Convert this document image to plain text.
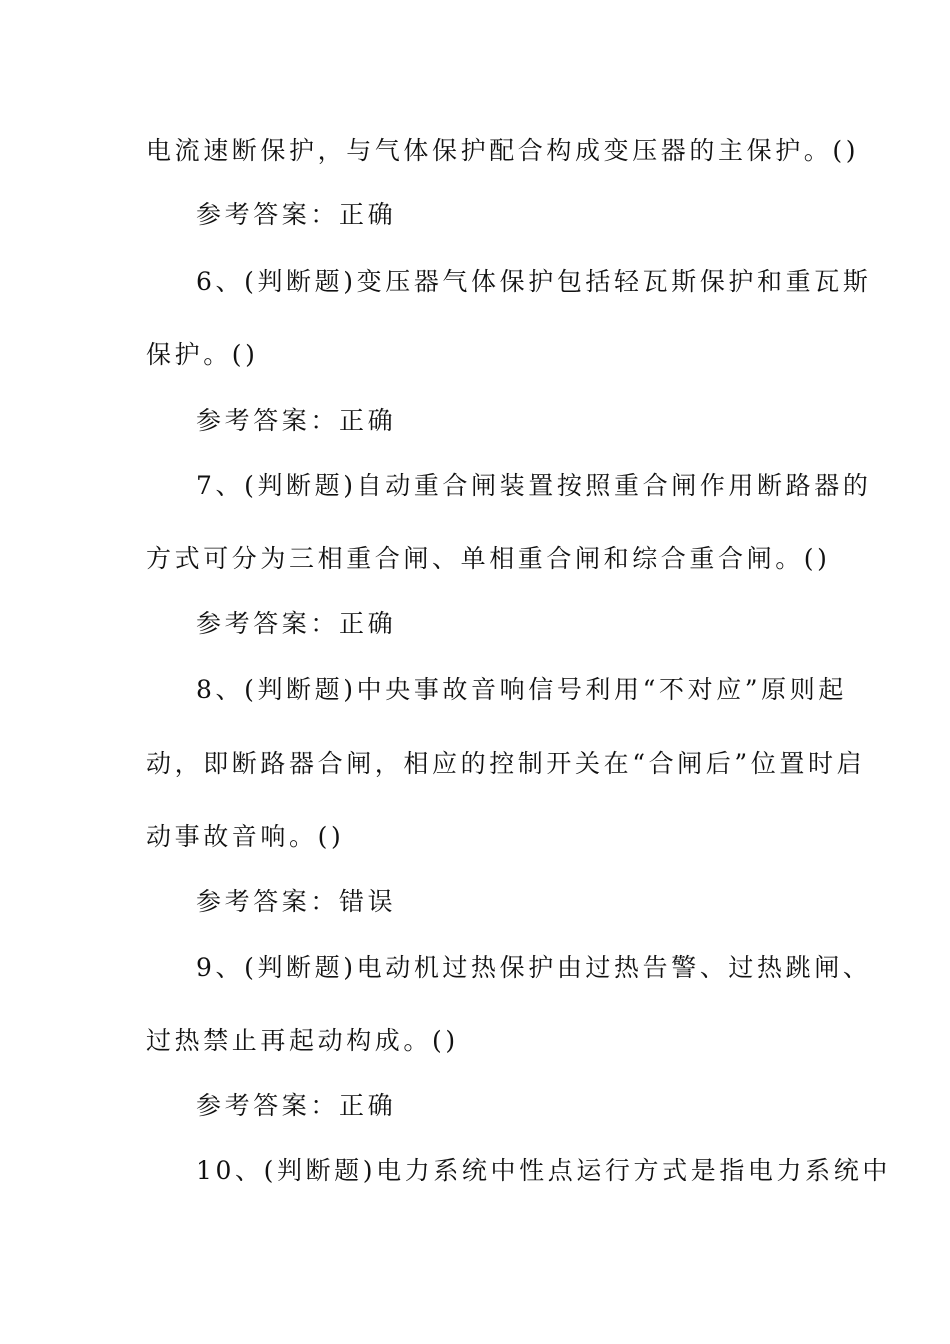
电流速断保护，与气体保护配合构成变压器的主保护。()
参考答案：正确
6、(判断题)变压器气体保护包括轻瓦斯保护和重瓦斯
保护。()
参考答案：正确
7、(判断题)自动重合闸装置按照重合闸作用断路器的
方式可分为三相重合闸、单相重合闸和综合重合闸。()
参考答案：正确
8、(判断题)中央事故音响信号利用“不对应”原则起
动，即断路器合闸，相应的控制开关在“合闸后”位置时启
动事故音响。()
参考答案：错误
9、(判断题)电动机过热保护由过热告警、过热跳闸、
过热禁止再起动构成。()
参考答案：正确
10、(判断题)电力系统中性点运行方式是指电力系统中
